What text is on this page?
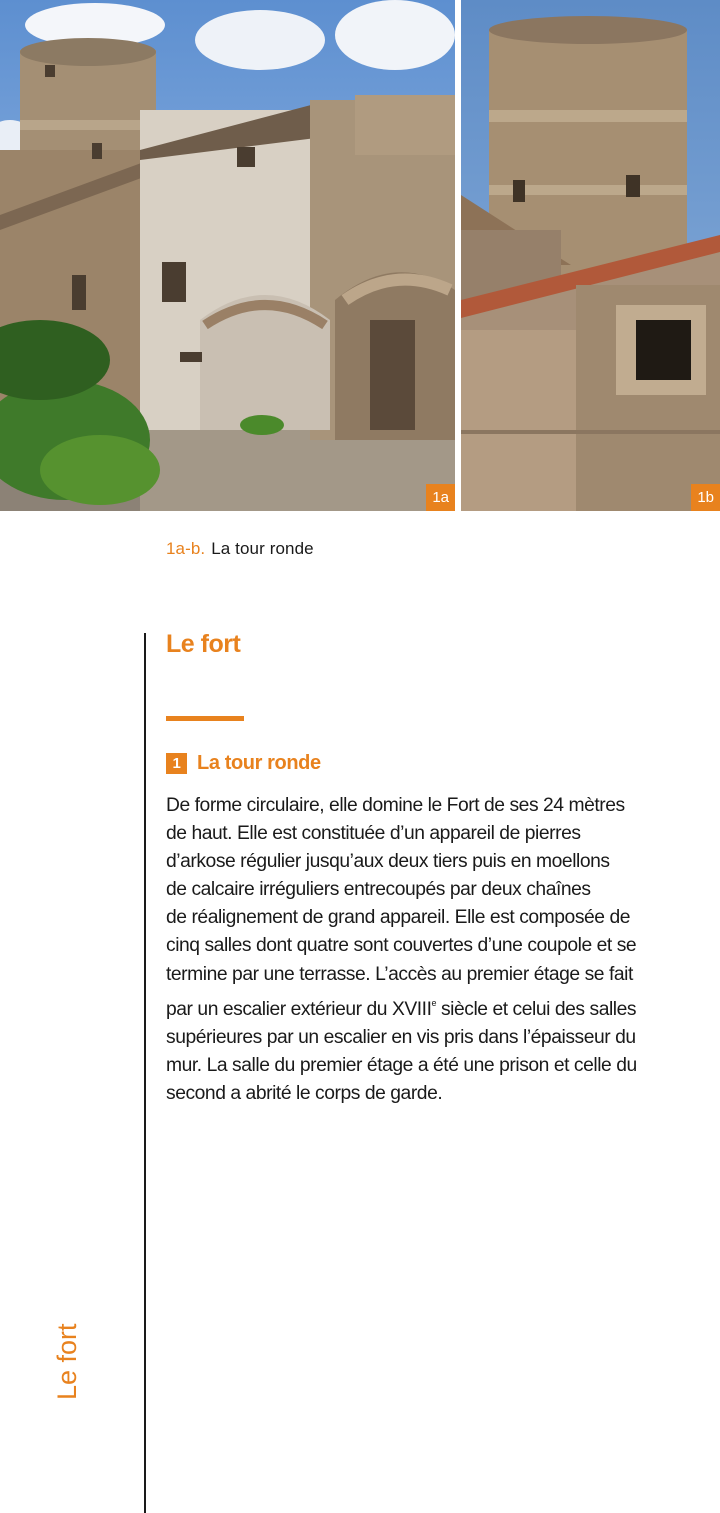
1a	1b
1a-b. La tour ronde
Le fort
1 La tour ronde

De forme circulaire, elle domine le Fort de ses 24 mètres

de haut. Elle est constituée d’un appareil de pierres

d’arkose régulier jusqu’aux deux tiers puis en moellons

de calcaire irréguliers entrecoupés par deux chaînes

de réalignement de grand appareil. Elle est composée de

cinq salles dont quatre sont couvertes d’une coupole et se

termine par une terrasse. L’accès au premier étage se fait

par un escalier extérieur du XVIIIe siècle et celui des salles

supérieures par un escalier en vis pris dans l’épaisseur du

mur. La salle du premier étage a été une prison et celle du

second a abrité le corps de garde.

Le fort
